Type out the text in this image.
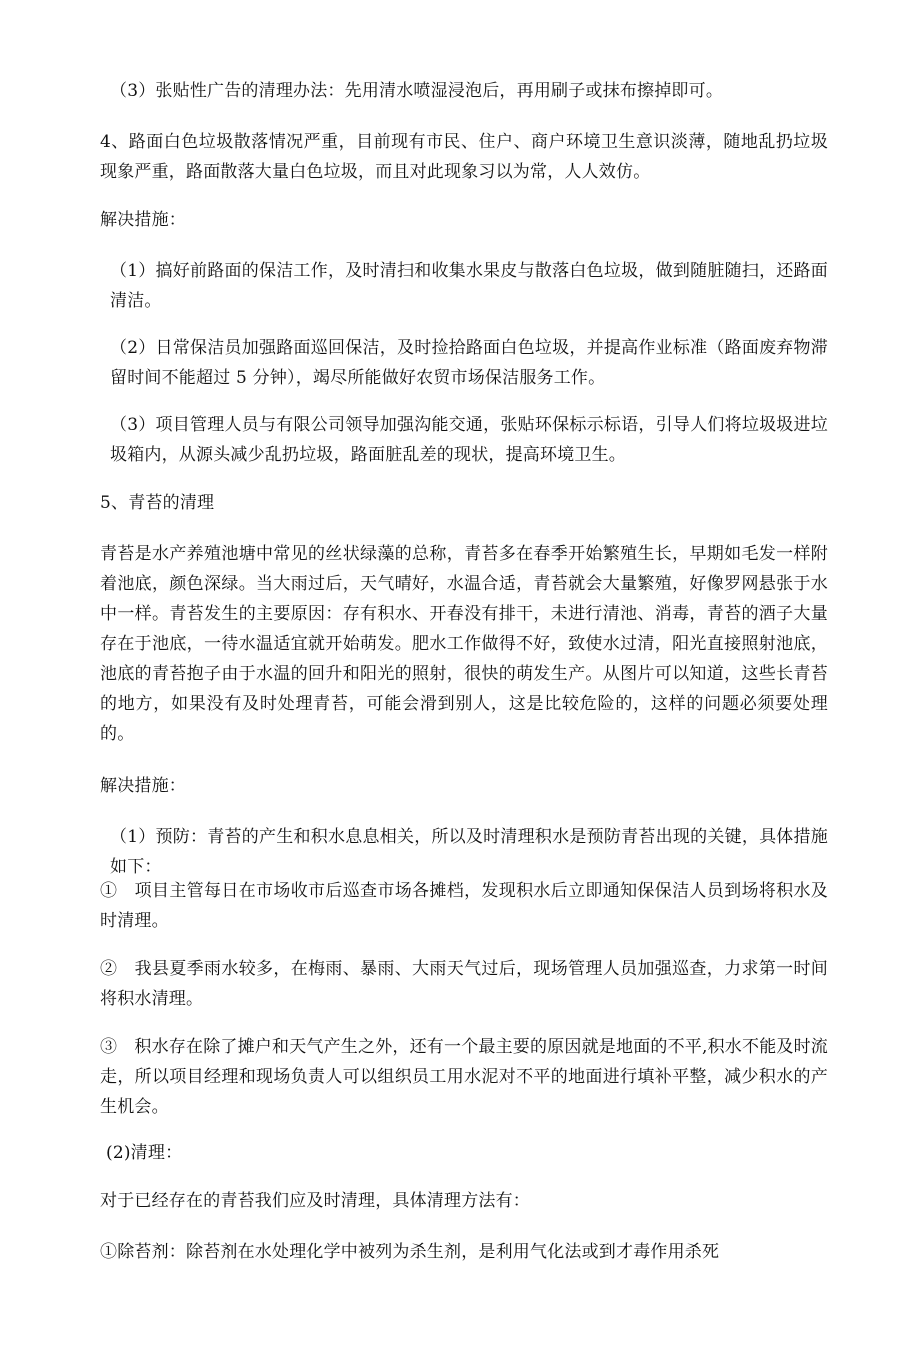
（3）张贴性广告的清理办法：先用清水喷湿浸泡后，再用刷子或抹布擦掉即可。

4、路面白色垃圾散落情况严重，目前现有市民、住户、商户环境卫生意识淡薄，随地乱扔垃圾现象严重，路面散落大量白色垃圾，而且对此现象习以为常，人人效仿。

解决措施：

（1）搞好前路面的保洁工作，及时清扫和收集水果皮与散落白色垃圾，做到随脏随扫，还路面清洁。

（2）日常保洁员加强路面巡回保洁，及时捡拾路面白色垃圾，并提高作业标准（路面废弃物滞留时间不能超过 5 分钟），竭尽所能做好农贸市场保洁服务工作。

（3）项目管理人员与有限公司领导加强沟能交通，张贴环保标示标语，引导人们将垃圾圾进垃圾箱内，从源头减少乱扔垃圾，路面脏乱差的现状，提高环境卫生。

5、青苔的清理

青苔是水产养殖池塘中常见的丝状绿藻的总称，青苔多在春季开始繁殖生长，早期如毛发一样附着池底，颜色深绿。当大雨过后，天气晴好，水温合适，青苔就会大量繁殖，好像罗网悬张于水中一样。青苔发生的主要原因：存有积水、开春没有排干，未进行清池、消毒，青苔的酒子大量存在于池底，一待水温适宜就开始萌发。肥水工作做得不好，致使水过清，阳光直接照射池底，池底的青苔抱子由于水温的回升和阳光的照射，很快的萌发生产。从图片可以知道，这些长青苔的地方，如果没有及时处理青苔，可能会滑到别人，这是比较危险的，这样的问题必须要处理的。

解决措施：

（1）预防：青苔的产生和积水息息相关，所以及时清理积水是预防青苔出现的关键，具体措施如下：

①　项目主管每日在市场收市后巡查市场各摊档，发现积水后立即通知保保洁人员到场将积水及时清理。

②　我县夏季雨水较多，在梅雨、暴雨、大雨天气过后，现场管理人员加强巡查，力求第一时间将积水清理。

③　积水存在除了摊户和天气产生之外，还有一个最主要的原因就是地面的不平,积水不能及时流走，所以项目经理和现场负责人可以组织员工用水泥对不平的地面进行填补平整，减少积水的产生机会。

(2)清理：

对于已经存在的青苔我们应及时清理，具体清理方法有：

①除苔剂：除苔剂在水处理化学中被列为杀生剂，是利用气化法或到才毒作用杀死
